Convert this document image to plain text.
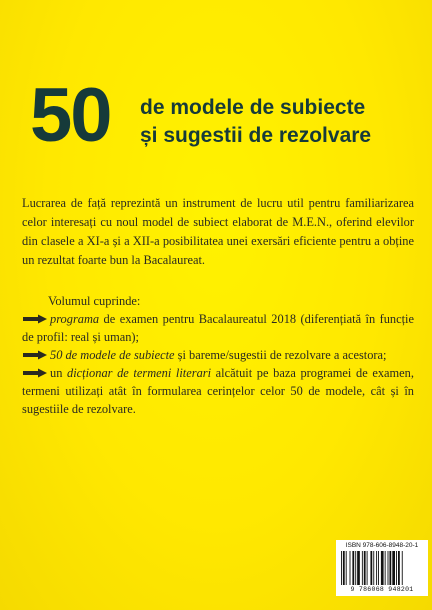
50 de modele de subiecte
și sugestii de rezolvare

Lucrarea de față reprezintă un instrument de lucru util pentru familiarizarea celor interesați cu noul model de subiect elaborat de M.E.N., oferind elevilor din clasele a XI-a și a XII-a posibilitatea unei exersări eficiente pentru a obține un rezultat foarte bun la Bacalaureat.

Volumul cuprinde:

programa de examen pentru Bacalaureatul 2018 (diferențiată în funcție de profil: real și uman);

50 de modele de subiecte și bareme/sugestii de rezolvare a acestora;

un dicționar de termeni literari alcătuit pe baza programei de examen, termeni utilizați atât în formularea cerințelor celor 50 de modele, cât și în sugestiile de rezolvare.

ISBN 978-606-8948-20-1
9 786068 948201
